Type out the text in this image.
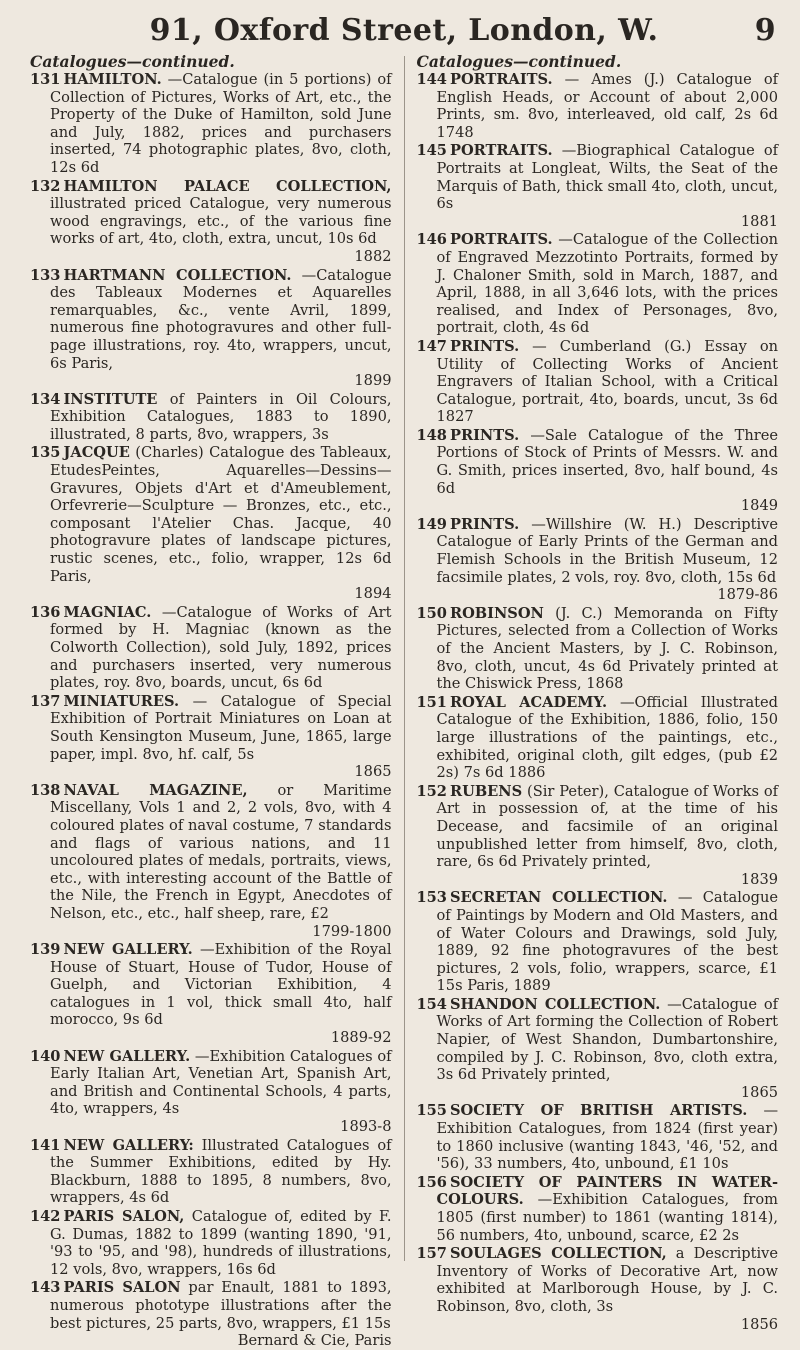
91, Oxford Street, London, W.	9
Catalogues—continued.

131 HAMILTON. —Catalogue (in 5 portions) of Collection of Pictures, Works of Art, etc., the Property of the Duke of Hamilton, sold June and July, 1882, prices and purchasers inserted, 74 photographic plates, 8vo, cloth, 12s 6d

132 HAMILTON PALACE COLLECTION, illustrated priced Catalogue, very numerous wood engravings, etc., of the various fine works of art, 4to, cloth, extra, uncut, 10s 6d
1882

133 HARTMANN COLLECTION. —Catalogue des Tableaux Modernes et Aquarelles remarquables, &c., vente Avril, 1899, numerous fine photogravures and other full-page illustrations, roy. 4to, wrappers, uncut, 6s Paris,
1899

134 INSTITUTE of Painters in Oil Colours, Exhibition Catalogues, 1883 to 1890, illustrated, 8 parts, 8vo, wrappers, 3s

135 JACQUE (Charles) Catalogue des Tableaux, EtudesPeintes, Aquarelles—Dessins—Gravures, Objets d'Art et d'Ameublement, Orfevrerie—Sculpture — Bronzes, etc., etc., composant l'Atelier Chas. Jacque, 40 photogravure plates of landscape pictures, rustic scenes, etc., folio, wrapper, 12s 6d Paris,
1894

136 MAGNIAC. —Catalogue of Works of Art formed by H. Magniac (known as the Colworth Collection), sold July, 1892, prices and purchasers inserted, very numerous plates, roy. 8vo, boards, uncut, 6s 6d

137 MINIATURES. — Catalogue of Special Exhibition of Portrait Miniatures on Loan at South Kensington Museum, June, 1865, large paper, impl. 8vo, hf. calf, 5s
1865

138 NAVAL MAGAZINE, or Maritime Miscellany, Vols 1 and 2, 2 vols, 8vo, with 4 coloured plates of naval costume, 7 standards and flags of various nations, and 11 uncoloured plates of medals, portraits, views, etc., with interesting account of the Battle of the Nile, the French in Egypt, Anecdotes of Nelson, etc., etc., half sheep, rare, £2
1799-1800

139 NEW GALLERY. —Exhibition of the Royal House of Stuart, House of Tudor, House of Guelph, and Victorian Exhibition, 4 catalogues in 1 vol, thick small 4to, half morocco, 9s 6d
1889-92

140 NEW GALLERY. —Exhibition Catalogues of Early Italian Art, Venetian Art, Spanish Art, and British and Continental Schools, 4 parts, 4to, wrappers, 4s
1893-8

141 NEW GALLERY: Illustrated Catalogues of the Summer Exhibitions, edited by Hy. Blackburn, 1888 to 1895, 8 numbers, 8vo, wrappers, 4s 6d

142 PARIS SALON, Catalogue of, edited by F. G. Dumas, 1882 to 1899 (wanting 1890, '91, '93 to '95, and '98), hundreds of illustrations, 12 vols, 8vo, wrappers, 16s 6d

143 PARIS SALON par Enault, 1881 to 1893, numerous phototype illustrations after the best pictures, 25 parts, 8vo, wrappers, £1 15s
Bernard & Cie, Paris

Catalogues—continued.

144 PORTRAITS. — Ames (J.) Catalogue of English Heads, or Account of about 2,000 Prints, sm. 8vo, interleaved, old calf, 2s 6d 1748

145 PORTRAITS. —Biographical Catalogue of Portraits at Longleat, Wilts, the Seat of the Marquis of Bath, thick small 4to, cloth, uncut, 6s
1881

146 PORTRAITS. —Catalogue of the Collection of Engraved Mezzotinto Portraits, formed by J. Chaloner Smith, sold in March, 1887, and April, 1888, in all 3,646 lots, with the prices realised, and Index of Personages, 8vo, portrait, cloth, 4s 6d

147 PRINTS. — Cumberland (G.) Essay on Utility of Collecting Works of Ancient Engravers of Italian School, with a Critical Catalogue, portrait, 4to, boards, uncut, 3s 6d 1827

148 PRINTS. —Sale Catalogue of the Three Portions of Stock of Prints of Messrs. W. and G. Smith, prices inserted, 8vo, half bound, 4s 6d
1849

149 PRINTS. —Willshire (W. H.) Descriptive Catalogue of Early Prints of the German and Flemish Schools in the British Museum, 12 facsimile plates, 2 vols, roy. 8vo, cloth, 15s 6d
1879-86

150 ROBINSON (J. C.) Memoranda on Fifty Pictures, selected from a Collection of Works of the Ancient Masters, by J. C. Robinson, 8vo, cloth, uncut, 4s 6d Privately printed at the Chiswick Press, 1868

151 ROYAL ACADEMY. —Official Illustrated Catalogue of the Exhibition, 1886, folio, 150 large illustrations of the paintings, etc., exhibited, original cloth, gilt edges, (pub £2 2s) 7s 6d 1886

152 RUBENS (Sir Peter), Catalogue of Works of Art in possession of, at the time of his Decease, and facsimile of an original unpublished letter from himself, 8vo, cloth, rare, 6s 6d Privately printed,
1839

153 SECRETAN COLLECTION. — Catalogue of Paintings by Modern and Old Masters, and of Water Colours and Drawings, sold July, 1889, 92 fine photogravures of the best pictures, 2 vols, folio, wrappers, scarce, £1 15s Paris, 1889

154 SHANDON COLLECTION. —Catalogue of Works of Art forming the Collection of Robert Napier, of West Shandon, Dumbartonshire, compiled by J. C. Robinson, 8vo, cloth extra, 3s 6d Privately printed,
1865

155 SOCIETY OF BRITISH ARTISTS. —Exhibition Catalogues, from 1824 (first year) to 1860 inclusive (wanting 1843, '46, '52, and '56), 33 numbers, 4to, unbound, £1 10s

156 SOCIETY OF PAINTERS IN WATER-COLOURS. —Exhibition Catalogues, from 1805 (first number) to 1861 (wanting 1814), 56 numbers, 4to, unbound, scarce, £2 2s

157 SOULAGES COLLECTION, a Descriptive Inventory of Works of Decorative Art, now exhibited at Marlborough House, by J. C. Robinson, 8vo, cloth, 3s
1856
